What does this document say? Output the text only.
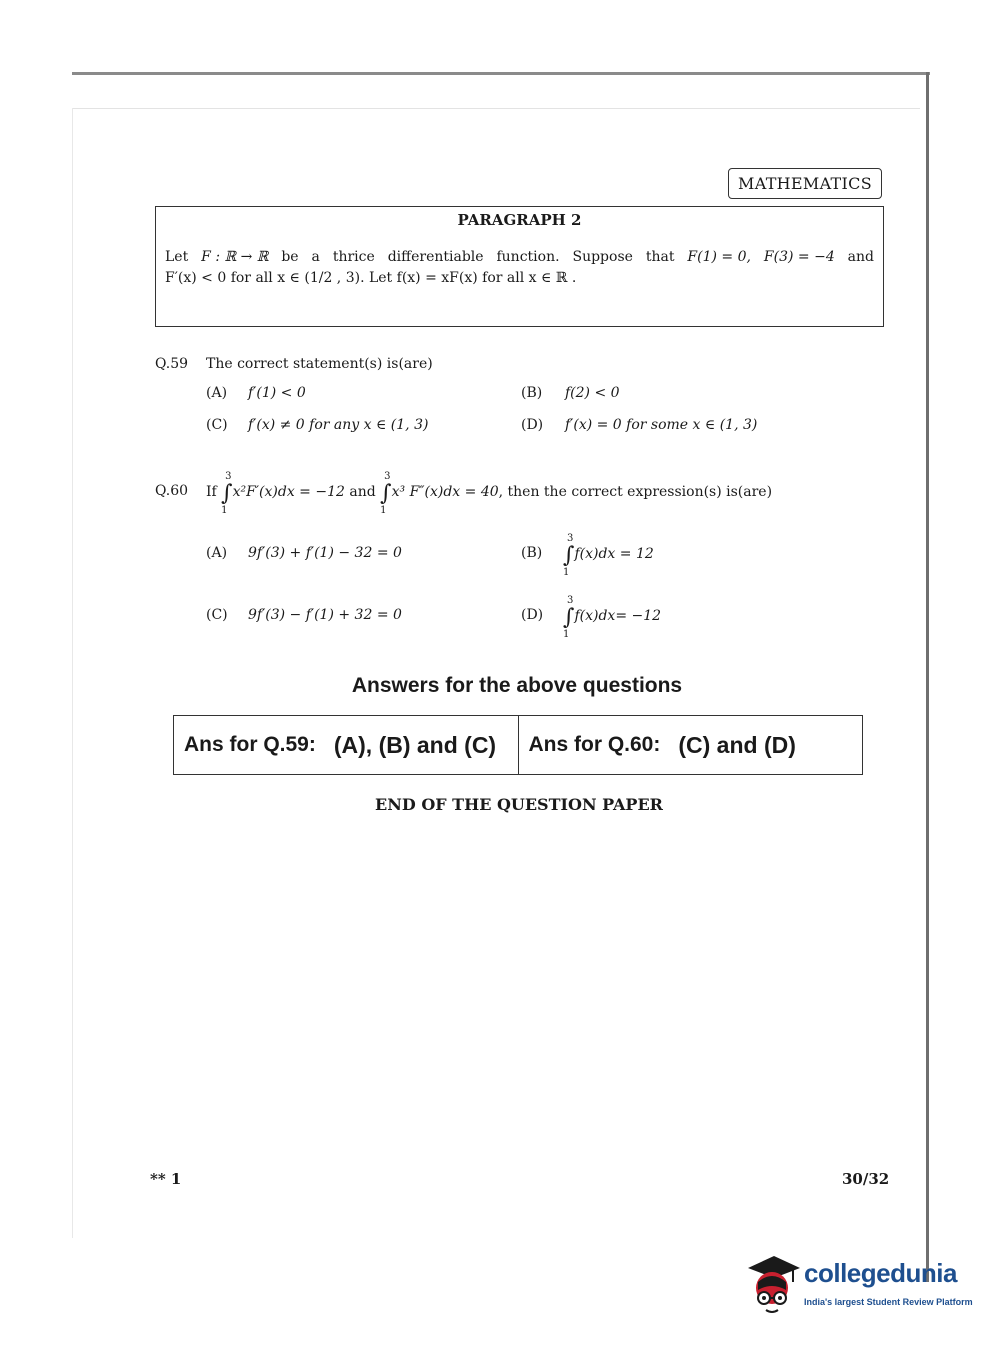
MATHEMATICS
PARAGRAPH 2
Let F : ℝ → ℝ be a thrice differentiable function. Suppose that F(1) = 0, F(3) = −4 and
F′(x) < 0 for all x ∈ (1/2 , 3). Let f(x) = xF(x) for all x ∈ ℝ .
Q.59 The correct statement(s) is(are)
(A) f′(1) < 0	(B) f(2) < 0
(C) f′(x) ≠ 0 for any x ∈ (1, 3)	(D) f′(x) = 0 for some x ∈ (1, 3)
Q.60 If ∫
3
1
x²F′(x)dx = −12 and ∫
3
1
x³ F″(x)dx = 40, then the correct expression(s) is(are)
(A) 9f′(3) + f′(1) − 32 = 0	(B) ∫
3
1
f(x)dx = 12
(C) 9f′(3) − f′(1) + 32 = 0	(D) ∫
3
1
f(x)dx= −12
Answers for the above questions
Ans for Q.59: (A), (B) and (C) Ans for Q.60: (C) and (D)
END OF THE QUESTION PAPER
** 1	30/32
collegedunia
India's largest Student Review Platform
